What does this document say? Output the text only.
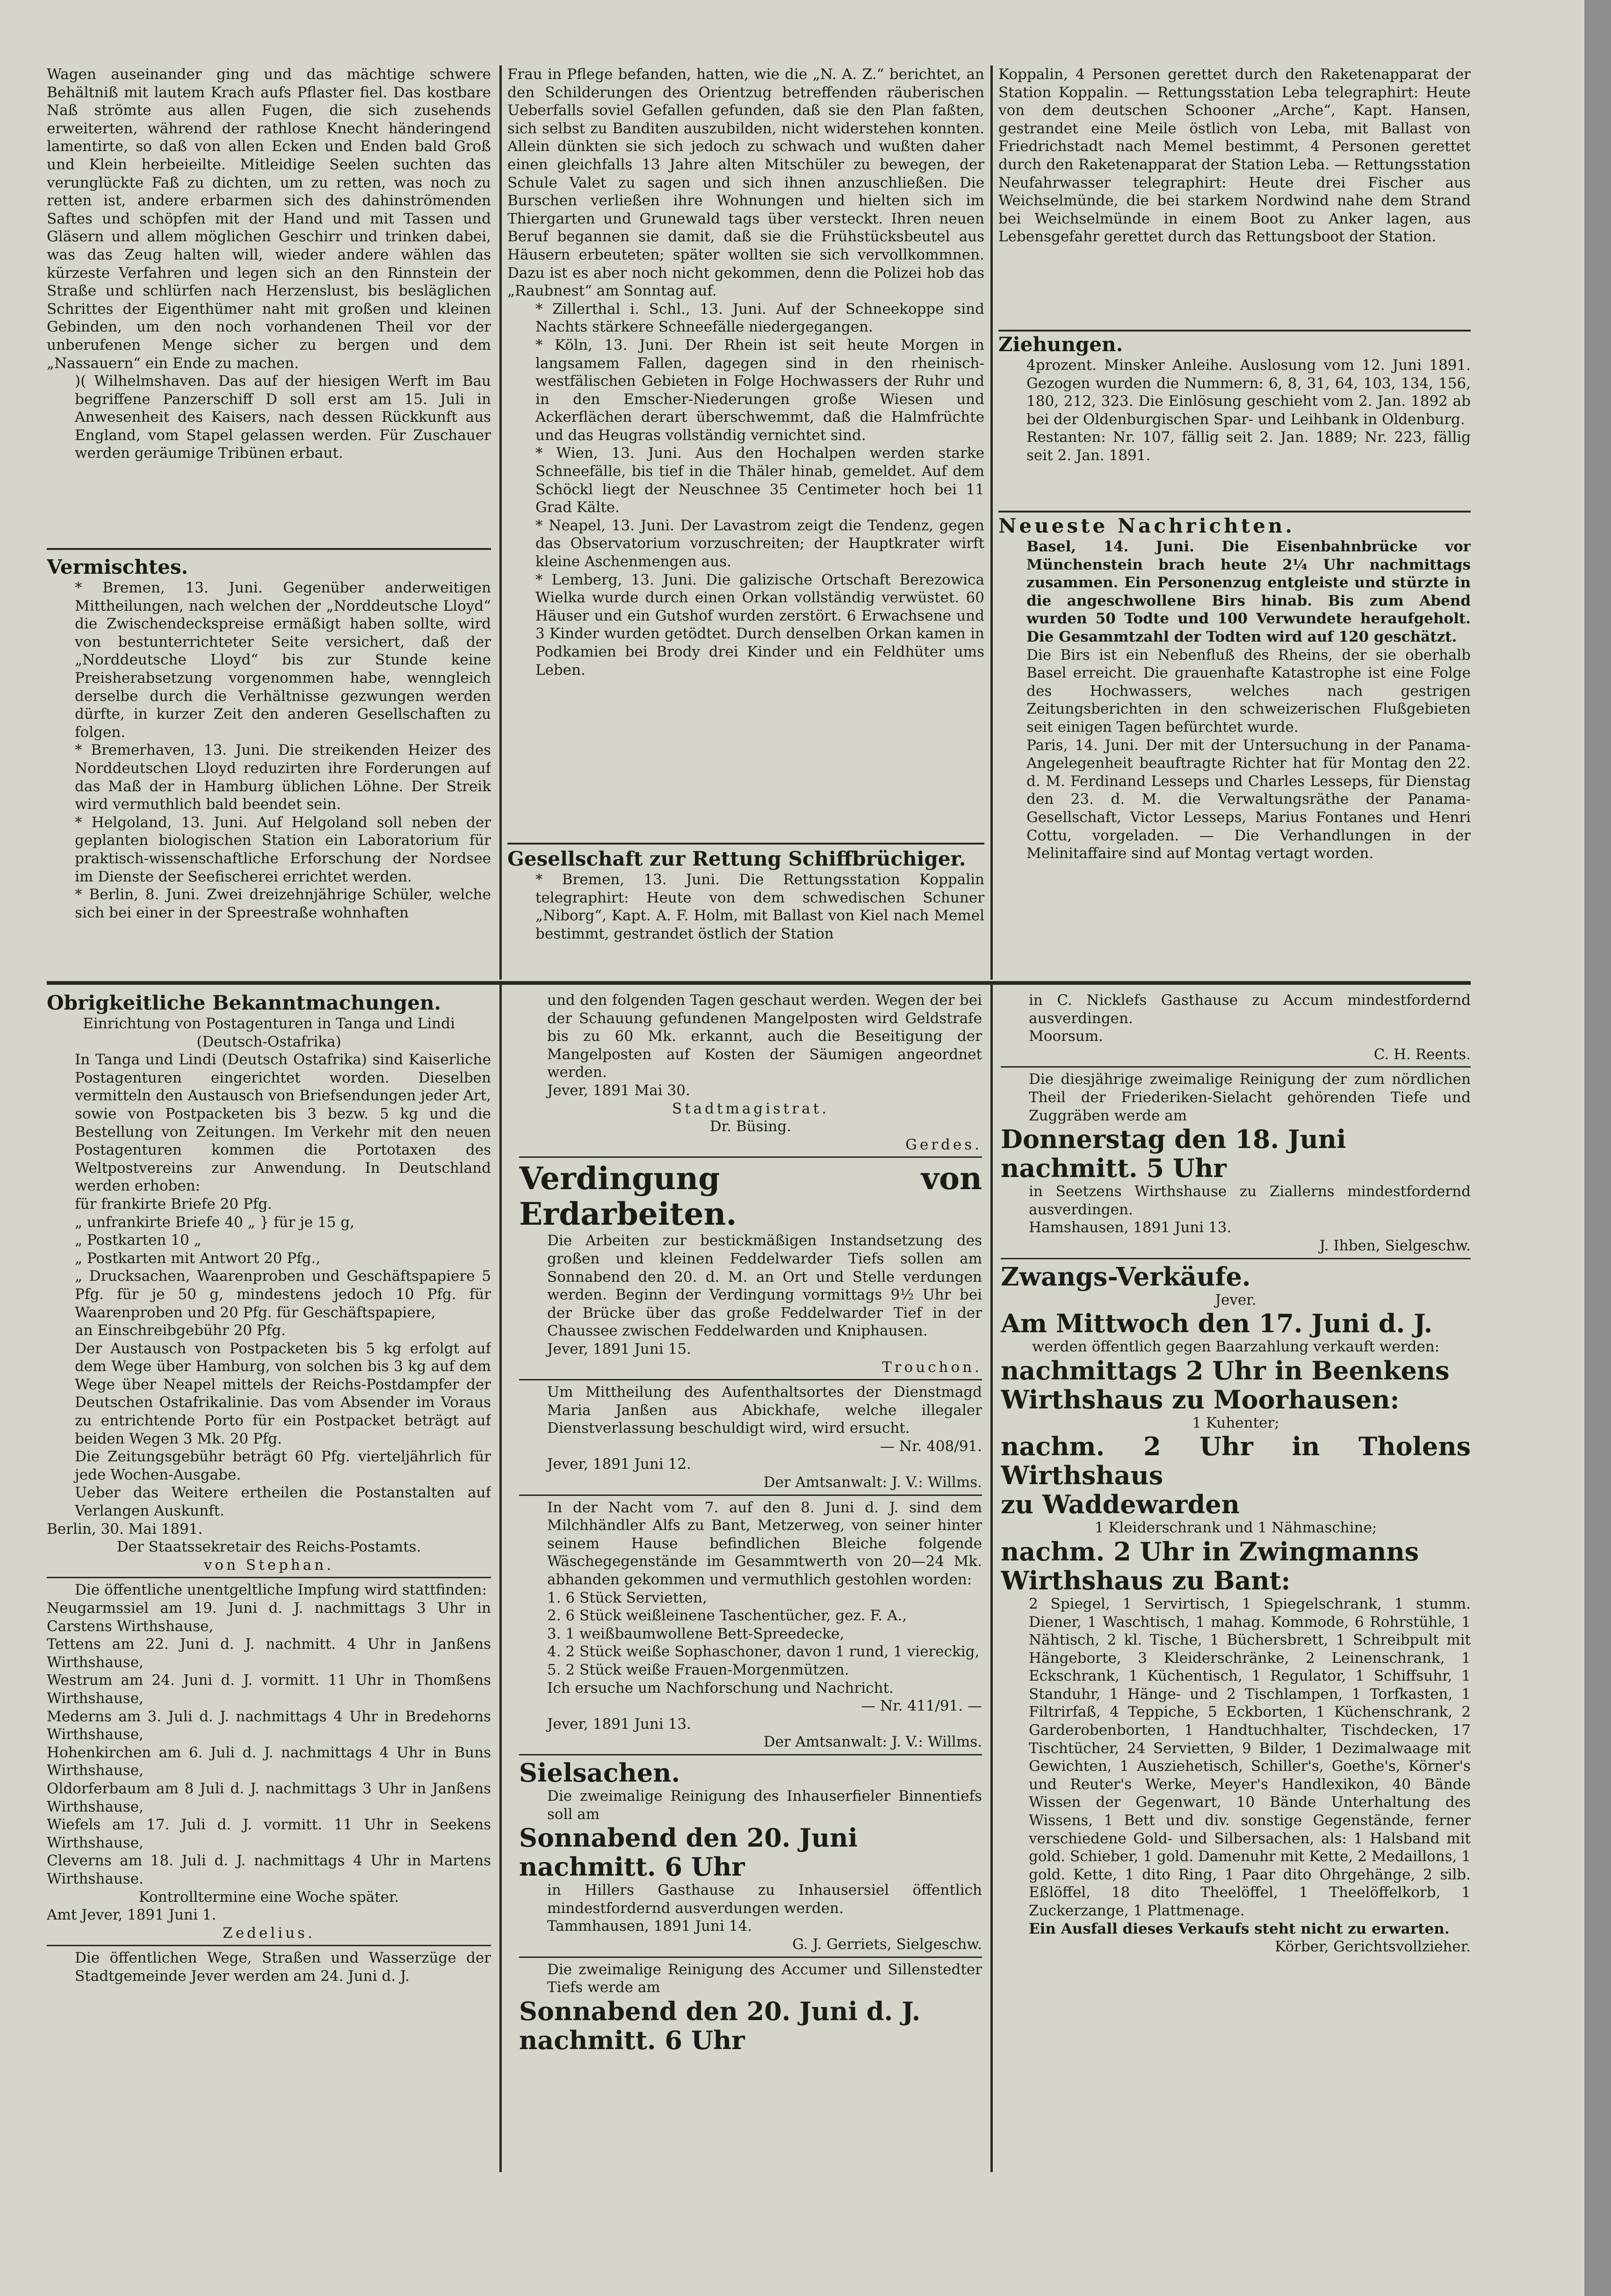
Wagen auseinander ging und das mächtige schwere Behältniß mit lautem Krach aufs Pflaster fiel. Das kostbare Naß strömte aus allen Fugen, die sich zusehends erweiterten, während der rathlose Knecht händeringend lamentirte, so daß von allen Ecken und Enden bald Groß und Klein herbeieilte. Mitleidige Seelen suchten das verunglückte Faß zu dichten, um zu retten, was noch zu retten ist, andere erbarmen sich des dahinströmenden Saftes und schöpfen mit der Hand und mit Tassen und Gläsern und allem möglichen Geschirr und trinken dabei, was das Zeug halten will, wieder andere wählen das kürzeste Verfahren und legen sich an den Rinnstein der Straße und schlürfen nach Herzenslust, bis besläglichen Schrittes der Eigenthümer naht mit großen und kleinen Gebinden, um den noch vorhandenen Theil vor der unberufenen Menge sicher zu bergen und dem „Nassauern“ ein Ende zu machen.

)( Wilhelmshaven. Das auf der hiesigen Werft im Bau begriffene Panzerschiff D soll erst am 15. Juli in Anwesenheit des Kaisers, nach dessen Rückkunft aus England, vom Stapel gelassen werden. Für Zuschauer werden geräumige Tribünen erbaut.

Vermischtes.

* Bremen, 13. Juni. Gegenüber anderweitigen Mittheilungen, nach welchen der „Norddeutsche Lloyd“ die Zwischendeckspreise ermäßigt haben sollte, wird von bestunterrichteter Seite versichert, daß der „Norddeutsche Lloyd“ bis zur Stunde keine Preisherabsetzung vorgenommen habe, wenngleich derselbe durch die Verhältnisse gezwungen werden dürfte, in kurzer Zeit den anderen Gesellschaften zu folgen.

* Bremerhaven, 13. Juni. Die streikenden Heizer des Norddeutschen Lloyd reduzirten ihre Forderungen auf das Maß der in Hamburg üblichen Löhne. Der Streik wird vermuthlich bald beendet sein.

* Helgoland, 13. Juni. Auf Helgoland soll neben der geplanten biologischen Station ein Laboratorium für praktisch-wissenschaftliche Erforschung der Nordsee im Dienste der Seefischerei errichtet werden.

* Berlin, 8. Juni. Zwei dreizehnjährige Schüler, welche sich bei einer in der Spreestraße wohnhaften

Frau in Pflege befanden, hatten, wie die „N. A. Z.“ berichtet, an den Schilderungen des Orientzug betreffenden räuberischen Ueberfalls soviel Gefallen gefunden, daß sie den Plan faßten, sich selbst zu Banditen auszubilden, nicht widerstehen konnten. Allein dünkten sie sich jedoch zu schwach und wußten daher einen gleichfalls 13 Jahre alten Mitschüler zu bewegen, der Schule Valet zu sagen und sich ihnen anzuschließen. Die Burschen verließen ihre Wohnungen und hielten sich im Thiergarten und Grunewald tags über versteckt. Ihren neuen Beruf begannen sie damit, daß sie die Frühstücksbeutel aus Häusern erbeuteten; später wollten sie sich vervollkommnen. Dazu ist es aber noch nicht gekommen, denn die Polizei hob das „Raubnest“ am Sonntag auf.

* Zillerthal i. Schl., 13. Juni. Auf der Schneekoppe sind Nachts stärkere Schneefälle niedergegangen.

* Köln, 13. Juni. Der Rhein ist seit heute Morgen in langsamem Fallen, dagegen sind in den rheinisch-westfälischen Gebieten in Folge Hochwassers der Ruhr und in den Emscher-Niederungen große Wiesen und Ackerflächen derart überschwemmt, daß die Halmfrüchte und das Heugras vollständig vernichtet sind.

* Wien, 13. Juni. Aus den Hochalpen werden starke Schneefälle, bis tief in die Thäler hinab, gemeldet. Auf dem Schöckl liegt der Neuschnee 35 Centimeter hoch bei 11 Grad Kälte.

* Neapel, 13. Juni. Der Lavastrom zeigt die Tendenz, gegen das Observatorium vorzuschreiten; der Hauptkrater wirft kleine Aschenmengen aus.

* Lemberg, 13. Juni. Die galizische Ortschaft Berezowica Wielka wurde durch einen Orkan vollständig verwüstet. 60 Häuser und ein Gutshof wurden zerstört. 6 Erwachsene und 3 Kinder wurden getödtet. Durch denselben Orkan kamen in Podkamien bei Brody drei Kinder und ein Feldhüter ums Leben.

Gesellschaft zur Rettung Schiffbrüchiger.

* Bremen, 13. Juni. Die Rettungsstation Koppalin telegraphirt: Heute von dem schwedischen Schuner „Niborg“, Kapt. A. F. Holm, mit Ballast von Kiel nach Memel bestimmt, gestrandet östlich der Station

Koppalin, 4 Personen gerettet durch den Raketenapparat der Station Koppalin. — Rettungsstation Leba telegraphirt: Heute von dem deutschen Schooner „Arche“, Kapt. Hansen, gestrandet eine Meile östlich von Leba, mit Ballast von Friedrichstadt nach Memel bestimmt, 4 Personen gerettet durch den Raketenapparat der Station Leba. — Rettungsstation Neufahrwasser telegraphirt: Heute drei Fischer aus Weichselmünde, die bei starkem Nordwind nahe dem Strand bei Weichselmünde in einem Boot zu Anker lagen, aus Lebensgefahr gerettet durch das Rettungsboot der Station.

Ziehungen.

4prozent. Minsker Anleihe. Auslosung vom 12. Juni 1891. Gezogen wurden die Nummern: 6, 8, 31, 64, 103, 134, 156, 180, 212, 323. Die Einlösung geschieht vom 2. Jan. 1892 ab bei der Oldenburgischen Spar- und Leihbank in Oldenburg.

Restanten: Nr. 107, fällig seit 2. Jan. 1889; Nr. 223, fällig seit 2. Jan. 1891.

Neueste Nachrichten.

Basel, 14. Juni. Die Eisenbahnbrücke vor Münchenstein brach heute 2¼ Uhr nachmittags zusammen. Ein Personenzug entgleiste und stürzte in die angeschwollene Birs hinab. Bis zum Abend wurden 50 Todte und 100 Verwundete heraufgeholt. Die Gesammtzahl der Todten wird auf 120 geschätzt.

Die Birs ist ein Nebenfluß des Rheins, der sie oberhalb Basel erreicht. Die grauenhafte Katastrophe ist eine Folge des Hochwassers, welches nach gestrigen Zeitungsberichten in den schweizerischen Flußgebieten seit einigen Tagen befürchtet wurde.

Paris, 14. Juni. Der mit der Untersuchung in der Panama-Angelegenheit beauftragte Richter hat für Montag den 22. d. M. Ferdinand Lesseps und Charles Lesseps, für Dienstag den 23. d. M. die Verwaltungsräthe der Panama-Gesellschaft, Victor Lesseps, Marius Fontanes und Henri Cottu, vorgeladen. — Die Verhandlungen in der Melinitaffaire sind auf Montag vertagt worden.

Obrigkeitliche Bekanntmachungen.

Einrichtung von Postagenturen in Tanga und Lindi (Deutsch-Ostafrika)

In Tanga und Lindi (Deutsch Ostafrika) sind Kaiserliche Postagenturen eingerichtet worden. Dieselben vermitteln den Austausch von Briefsendungen jeder Art, sowie von Postpacketen bis 3 bezw. 5 kg und die Bestellung von Zeitungen. Im Verkehr mit den neuen Postagenturen kommen die Portotaxen des Weltpostvereins zur Anwendung. In Deutschland werden erhoben:

für frankirte Briefe 20 Pfg.

„ unfrankirte Briefe 40 „ } für je 15 g,

„ Postkarten 10 „

„ Postkarten mit Antwort 20 Pfg.,

„ Drucksachen, Waarenproben und Geschäftspapiere 5 Pfg. für je 50 g, mindestens jedoch 10 Pfg. für Waarenproben und 20 Pfg. für Geschäftspapiere,

an Einschreibgebühr 20 Pfg.

Der Austausch von Postpacketen bis 5 kg erfolgt auf dem Wege über Hamburg, von solchen bis 3 kg auf dem Wege über Neapel mittels der Reichs-Postdampfer der Deutschen Ostafrikalinie. Das vom Absender im Voraus zu entrichtende Porto für ein Postpacket beträgt auf beiden Wegen 3 Mk. 20 Pfg.

Die Zeitungsgebühr beträgt 60 Pfg. vierteljährlich für jede Wochen-Ausgabe.

Ueber das Weitere ertheilen die Postanstalten auf Verlangen Auskunft.

Berlin, 30. Mai 1891.

Der Staatssekretair des Reichs-Postamts.

von Stephan.

Die öffentliche unentgeltliche Impfung wird stattfinden:

Neugarmssiel am 19. Juni d. J. nachmittags 3 Uhr in Carstens Wirthshause,

Tettens am 22. Juni d. J. nachmitt. 4 Uhr in Janßens Wirthshause,

Westrum am 24. Juni d. J. vormitt. 11 Uhr in Thomßens Wirthshause,

Mederns am 3. Juli d. J. nachmittags 4 Uhr in Bredehorns Wirthshause,

Hohenkirchen am 6. Juli d. J. nachmittags 4 Uhr in Buns Wirthshause,

Oldorferbaum am 8 Juli d. J. nachmittags 3 Uhr in Janßens Wirthshause,

Wiefels am 17. Juli d. J. vormitt. 11 Uhr in Seekens Wirthshause,

Cleverns am 18. Juli d. J. nachmittags 4 Uhr in Martens Wirthshause.

Kontrolltermine eine Woche später.

Amt Jever, 1891 Juni 1.

Zedelius.

Die öffentlichen Wege, Straßen und Wasserzüge der Stadtgemeinde Jever werden am 24. Juni d. J.

und den folgenden Tagen geschaut werden. Wegen der bei der Schauung gefundenen Mangelposten wird Geldstrafe bis zu 60 Mk. erkannt, auch die Beseitigung der Mangelposten auf Kosten der Säumigen angeordnet werden.

Jever, 1891 Mai 30.

Stadtmagistrat.

Dr. Büsing.

Gerdes.

Verdingung von Erdarbeiten.

Die Arbeiten zur bestickmäßigen Instandsetzung des großen und kleinen Feddelwarder Tiefs sollen am Sonnabend den 20. d. M. an Ort und Stelle verdungen werden. Beginn der Verdingung vormittags 9½ Uhr bei der Brücke über das große Feddelwarder Tief in der Chaussee zwischen Feddelwarden und Kniphausen.

Jever, 1891 Juni 15.

Trouchon.

Um Mittheilung des Aufenthaltsortes der Dienstmagd Maria Janßen aus Abickhafe, welche illegaler Dienstverlassung beschuldigt wird, wird ersucht.

— Nr. 408/91.

Jever, 1891 Juni 12.

Der Amtsanwalt: J. V.: Willms.

In der Nacht vom 7. auf den 8. Juni d. J. sind dem Milchhändler Alfs zu Bant, Metzerweg, von seiner hinter seinem Hause befindlichen Bleiche folgende Wäschegegenstände im Gesammtwerth von 20—24 Mk. abhanden gekommen und vermuthlich gestohlen worden:

1. 6 Stück Servietten,

2. 6 Stück weißleinene Taschentücher, gez. F. A.,

3. 1 weißbaumwollene Bett-Spreedecke,

4. 2 Stück weiße Sophaschoner, davon 1 rund, 1 viereckig,

5. 2 Stück weiße Frauen-Morgenmützen.

Ich ersuche um Nachforschung und Nachricht.

— Nr. 411/91. —

Jever, 1891 Juni 13.

Der Amtsanwalt: J. V.: Willms.

Sielsachen.

Die zweimalige Reinigung des Inhauserfieler Binnentiefs soll am

Sonnabend den 20. Juni

nachmitt. 6 Uhr

in Hillers Gasthause zu Inhausersiel öffentlich mindestfordernd ausverdungen werden.

Tammhausen, 1891 Juni 14.

G. J. Gerriets, Sielgeschw.

Die zweimalige Reinigung des Accumer und Sillenstedter Tiefs werde am

Sonnabend den 20. Juni d. J.

nachmitt. 6 Uhr

in C. Nicklefs Gasthause zu Accum mindestfordernd ausverdingen.

Moorsum.

C. H. Reents.

Die diesjährige zweimalige Reinigung der zum nördlichen Theil der Friederiken-Sielacht gehörenden Tiefe und Zuggräben werde am

Donnerstag den 18. Juni

nachmitt. 5 Uhr

in Seetzens Wirthshause zu Ziallerns mindestfordernd ausverdingen.

Hamshausen, 1891 Juni 13.

J. Ihben, Sielgeschw.

Zwangs-Verkäufe.

Jever.

Am Mittwoch den 17. Juni d. J.

werden öffentlich gegen Baarzahlung verkauft werden:

nachmittags 2 Uhr in Beenkens

Wirthshaus zu Moorhausen:

1 Kuhenter;

nachm. 2 Uhr in Tholens Wirthshaus

zu Waddewarden

1 Kleiderschrank und 1 Nähmaschine;

nachm. 2 Uhr in Zwingmanns

Wirthshaus zu Bant:

2 Spiegel, 1 Servirtisch, 1 Spiegelschrank, 1 stumm. Diener, 1 Waschtisch, 1 mahag. Kommode, 6 Rohrstühle, 1 Nähtisch, 2 kl. Tische, 1 Büchersbrett, 1 Schreibpult mit Hängeborte, 3 Kleiderschränke, 2 Leinenschrank, 1 Eckschrank, 1 Küchentisch, 1 Regulator, 1 Schiffsuhr, 1 Standuhr, 1 Hänge- und 2 Tischlampen, 1 Torfkasten, 1 Filtrirfaß, 4 Teppiche, 5 Eckborten, 1 Küchenschrank, 2 Garderobenborten, 1 Handtuchhalter, Tischdecken, 17 Tischtücher, 24 Servietten, 9 Bilder, 1 Dezimalwaage mit Gewichten, 1 Ausziehetisch, Schiller's, Goethe's, Körner's und Reuter's Werke, Meyer's Handlexikon, 40 Bände Wissen der Gegenwart, 10 Bände Unterhaltung des Wissens, 1 Bett und div. sonstige Gegenstände, ferner verschiedene Gold- und Silbersachen, als: 1 Halsband mit gold. Schieber, 1 gold. Damenuhr mit Kette, 2 Medaillons, 1 gold. Kette, 1 dito Ring, 1 Paar dito Ohrgehänge, 2 silb. Eßlöffel, 18 dito Theelöffel, 1 Theelöffelkorb, 1 Zuckerzange, 1 Plattmenage.

Ein Ausfall dieses Verkaufs steht nicht zu erwarten.

Körber, Gerichtsvollzieher.
